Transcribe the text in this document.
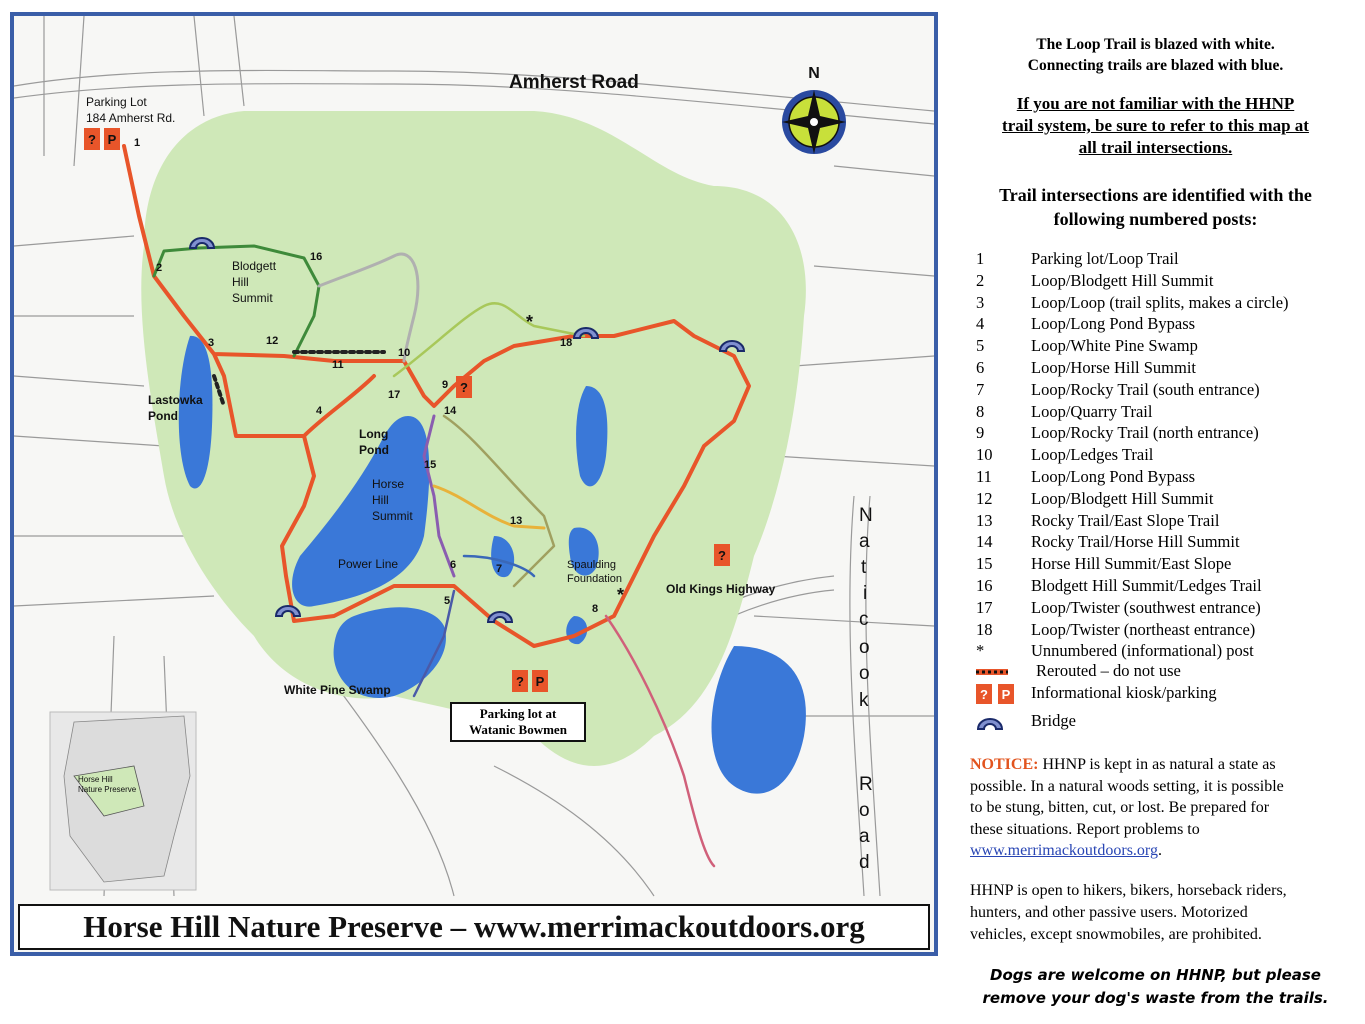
? P
?
?
? P
*
*
N
Amherst Road
Parking Lot
184 Amherst Rd.
Blodgett
Hill
Summit
Lastowka
Pond
Long
Pond
Horse
Hill
Summit
Power Line	Spaulding
Foundation
Old Kings Highway
White Pine Swamp
N
a
t
i
c
o
o
k
R
o
a
d
1
2
3
4
5
6	7
8
9
10
11
12
13
14
15
16
17
18
Horse Hill
Nature Preserve
Parking lot at
Watanic Bowmen
Horse Hill Nature Preserve – www.merrimackoutdoors.org
The Loop Trail is blazed with white.
Connecting trails are blazed with blue.
If you are not familiar with the HHNP
trail system, be sure to refer to this map at
all trail intersections.
Trail intersections are identified with the
following numbered posts:
1	Parking lot/Loop Trail
2	Loop/Blodgett Hill Summit
3	Loop/Loop (trail splits, makes a circle)
4	Loop/Long Pond Bypass
5	Loop/White Pine Swamp
6	Loop/Horse Hill Summit
7	Loop/Rocky Trail (south entrance)
8	Loop/Quarry Trail
9	Loop/Rocky Trail (north entrance)
10	Loop/Ledges Trail
11	Loop/Long Pond Bypass
12	Loop/Blodgett Hill Summit
13	Rocky Trail/East Slope Trail
14	Rocky Trail/Horse Hill Summit
15	Horse Hill Summit/East Slope
16	Blodgett Hill Summit/Ledges Trail
17	Loop/Twister (southwest entrance)
18	Loop/Twister (northeast entrance)
*	Unnumbered (informational) post
Rerouted – do not use
? P Informational kiosk/parking
Bridge
NOTICE: HHNP is kept in as natural a state as
possible. In a natural woods setting, it is possible
to be stung, bitten, cut, or lost. Be prepared for
these situations. Report problems to
www.merrimackoutdoors.org.
HHNP is open to hikers, bikers, horseback riders,
hunters, and other passive users. Motorized
vehicles, except snowmobiles, are prohibited.
Dogs are welcome on HHNP, but please
remove your dog's waste from the trails.
